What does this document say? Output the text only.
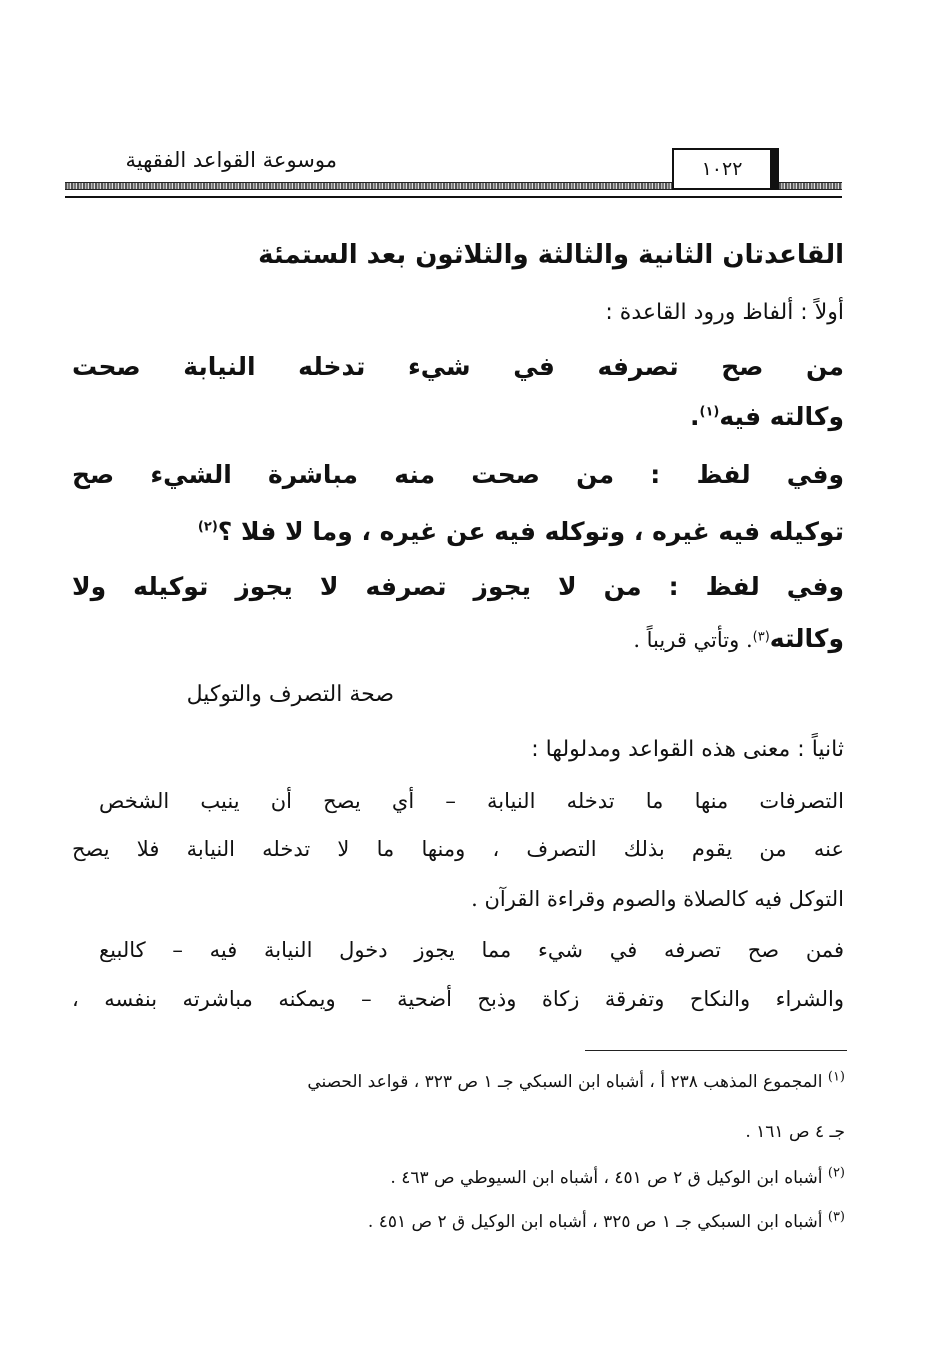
موسوعة القواعد الفقهية	١٠٢٢
القاعدتان الثانية والثالثة والثلاثون بعد الستمئة
أولاً : ألفاظ ورود القاعدة :
من صح تصرفه في شيء تدخله النيابة صحت
وكالته فيه$^{(١)}$.
وفي لفظ : من صحت منه مباشرة الشيء صح
توكيله فيه غيره ، وتوكله فيه عن غيره ، وما لا فلا ؟$^{(٢)}$
وفي لفظ : من لا يجوز تصرفه لا يجوز توكيله ولا
وكالته$^{(٣)}$. وتأتي قريباً .
صحة التصرف والتوكيل
ثانياً : معنى هذه القواعد ومدلولها :
التصرفات منها ما تدخله النيابة – أي يصح أن ينيب الشخص
عنه من يقوم بذلك التصرف ، ومنها ما لا تدخله النيابة فلا يصح
التوكل فيه كالصلاة والصوم وقراءة القرآن .
فمن صح تصرفه في شيء مما يجوز دخول النيابة فيه – كالبيع
والشراء والنكاح وتفرقة زكاة وذبح أضحية – ويمكنه مباشرته بنفسه ،
$^{(١)}$ المجموع المذهب ٢٣٨ أ ، أشباه ابن السبكي جـ ١ ص ٣٢٣ ، قواعد الحصني
جـ ٤ ص ١٦١ .
$^{(٢)}$ أشباه ابن الوكيل ق ٢ ص ٤٥١ ، أشباه ابن السيوطي ص ٤٦٣ .
$^{(٣)}$ أشباه ابن السبكي جـ ١ ص ٣٢٥ ، أشباه ابن الوكيل ق ٢ ص ٤٥١ .
